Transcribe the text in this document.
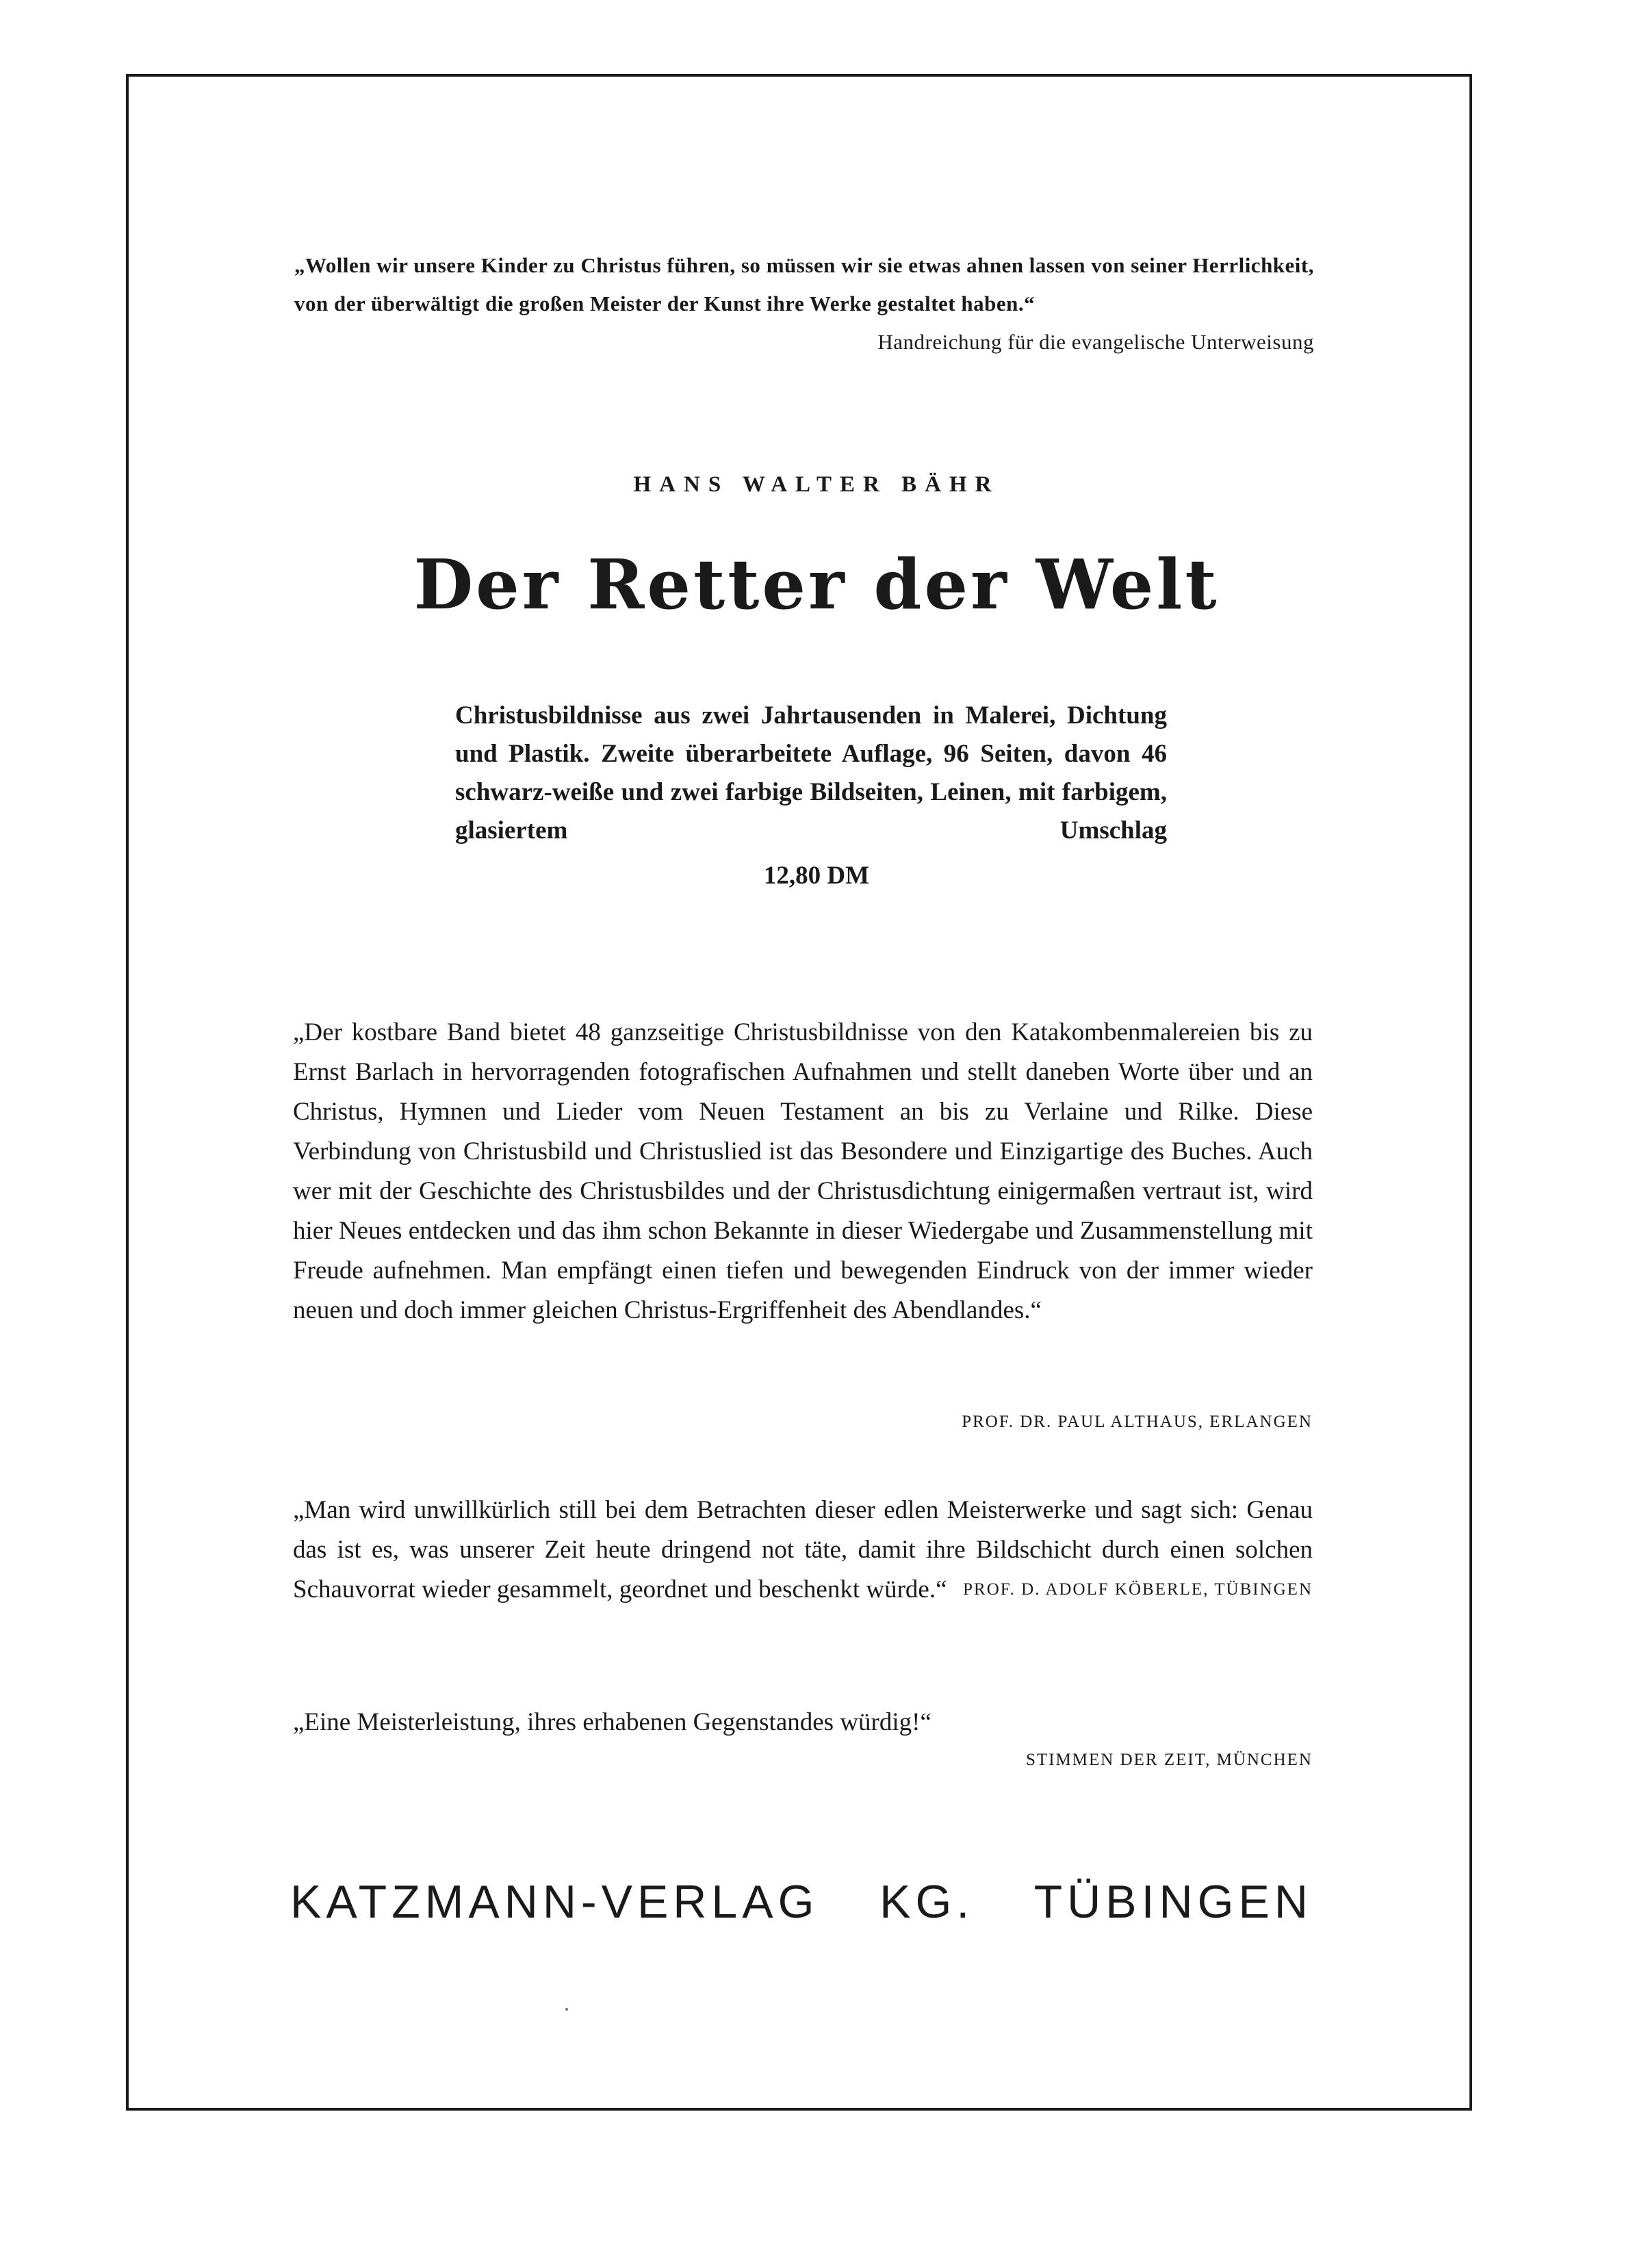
„Wollen wir unsere Kinder zu Christus führen, so müssen wir sie etwas ahnen lassen von seiner Herrlichkeit, von der überwältigt die großen Meister der Kunst ihre Werke gestaltet haben.“
Handreichung für die evangelische Unterweisung
HANS WALTER BÄHR
Der Retter der Welt
Christusbildnisse aus zwei Jahrtausenden in Malerei, Dichtung und Plastik. Zweite überarbeitete Auflage, 96 Seiten, davon 46 schwarz-weiße und zwei farbige Bildseiten, Leinen, mit farbigem, glasiertem Umschlag
12,80 DM
„Der kostbare Band bietet 48 ganzseitige Christusbildnisse von den Katakombenmalereien bis zu Ernst Barlach in hervorragenden fotografischen Aufnahmen und stellt daneben Worte über und an Christus, Hymnen und Lieder vom Neuen Testament an bis zu Verlaine und Rilke. Diese Verbindung von Christusbild und Christuslied ist das Besondere und Einzigartige des Buches. Auch wer mit der Geschichte des Christusbildes und der Christusdichtung einigermaßen vertraut ist, wird hier Neues entdecken und das ihm schon Bekannte in dieser Wiedergabe und Zusammenstellung mit Freude aufnehmen. Man empfängt einen tiefen und bewegenden Eindruck von der immer wieder neuen und doch immer gleichen Christus-Ergriffenheit des Abendlandes.“
PROF. DR. PAUL ALTHAUS, ERLANGEN
„Man wird unwillkürlich still bei dem Betrachten dieser edlen Meisterwerke und sagt sich: Genau das ist es, was unserer Zeit heute dringend not täte, damit ihre Bildschicht durch einen solchen Schauvorrat wieder gesammelt, geordnet und beschenkt würde.“ PROF. D. ADOLF KÖBERLE, TÜBINGEN
„Eine Meisterleistung, ihres erhabenen Gegenstandes würdig!“
STIMMEN DER ZEIT, MÜNCHEN
KATZMANN-VERLAG KG. TÜBINGEN
